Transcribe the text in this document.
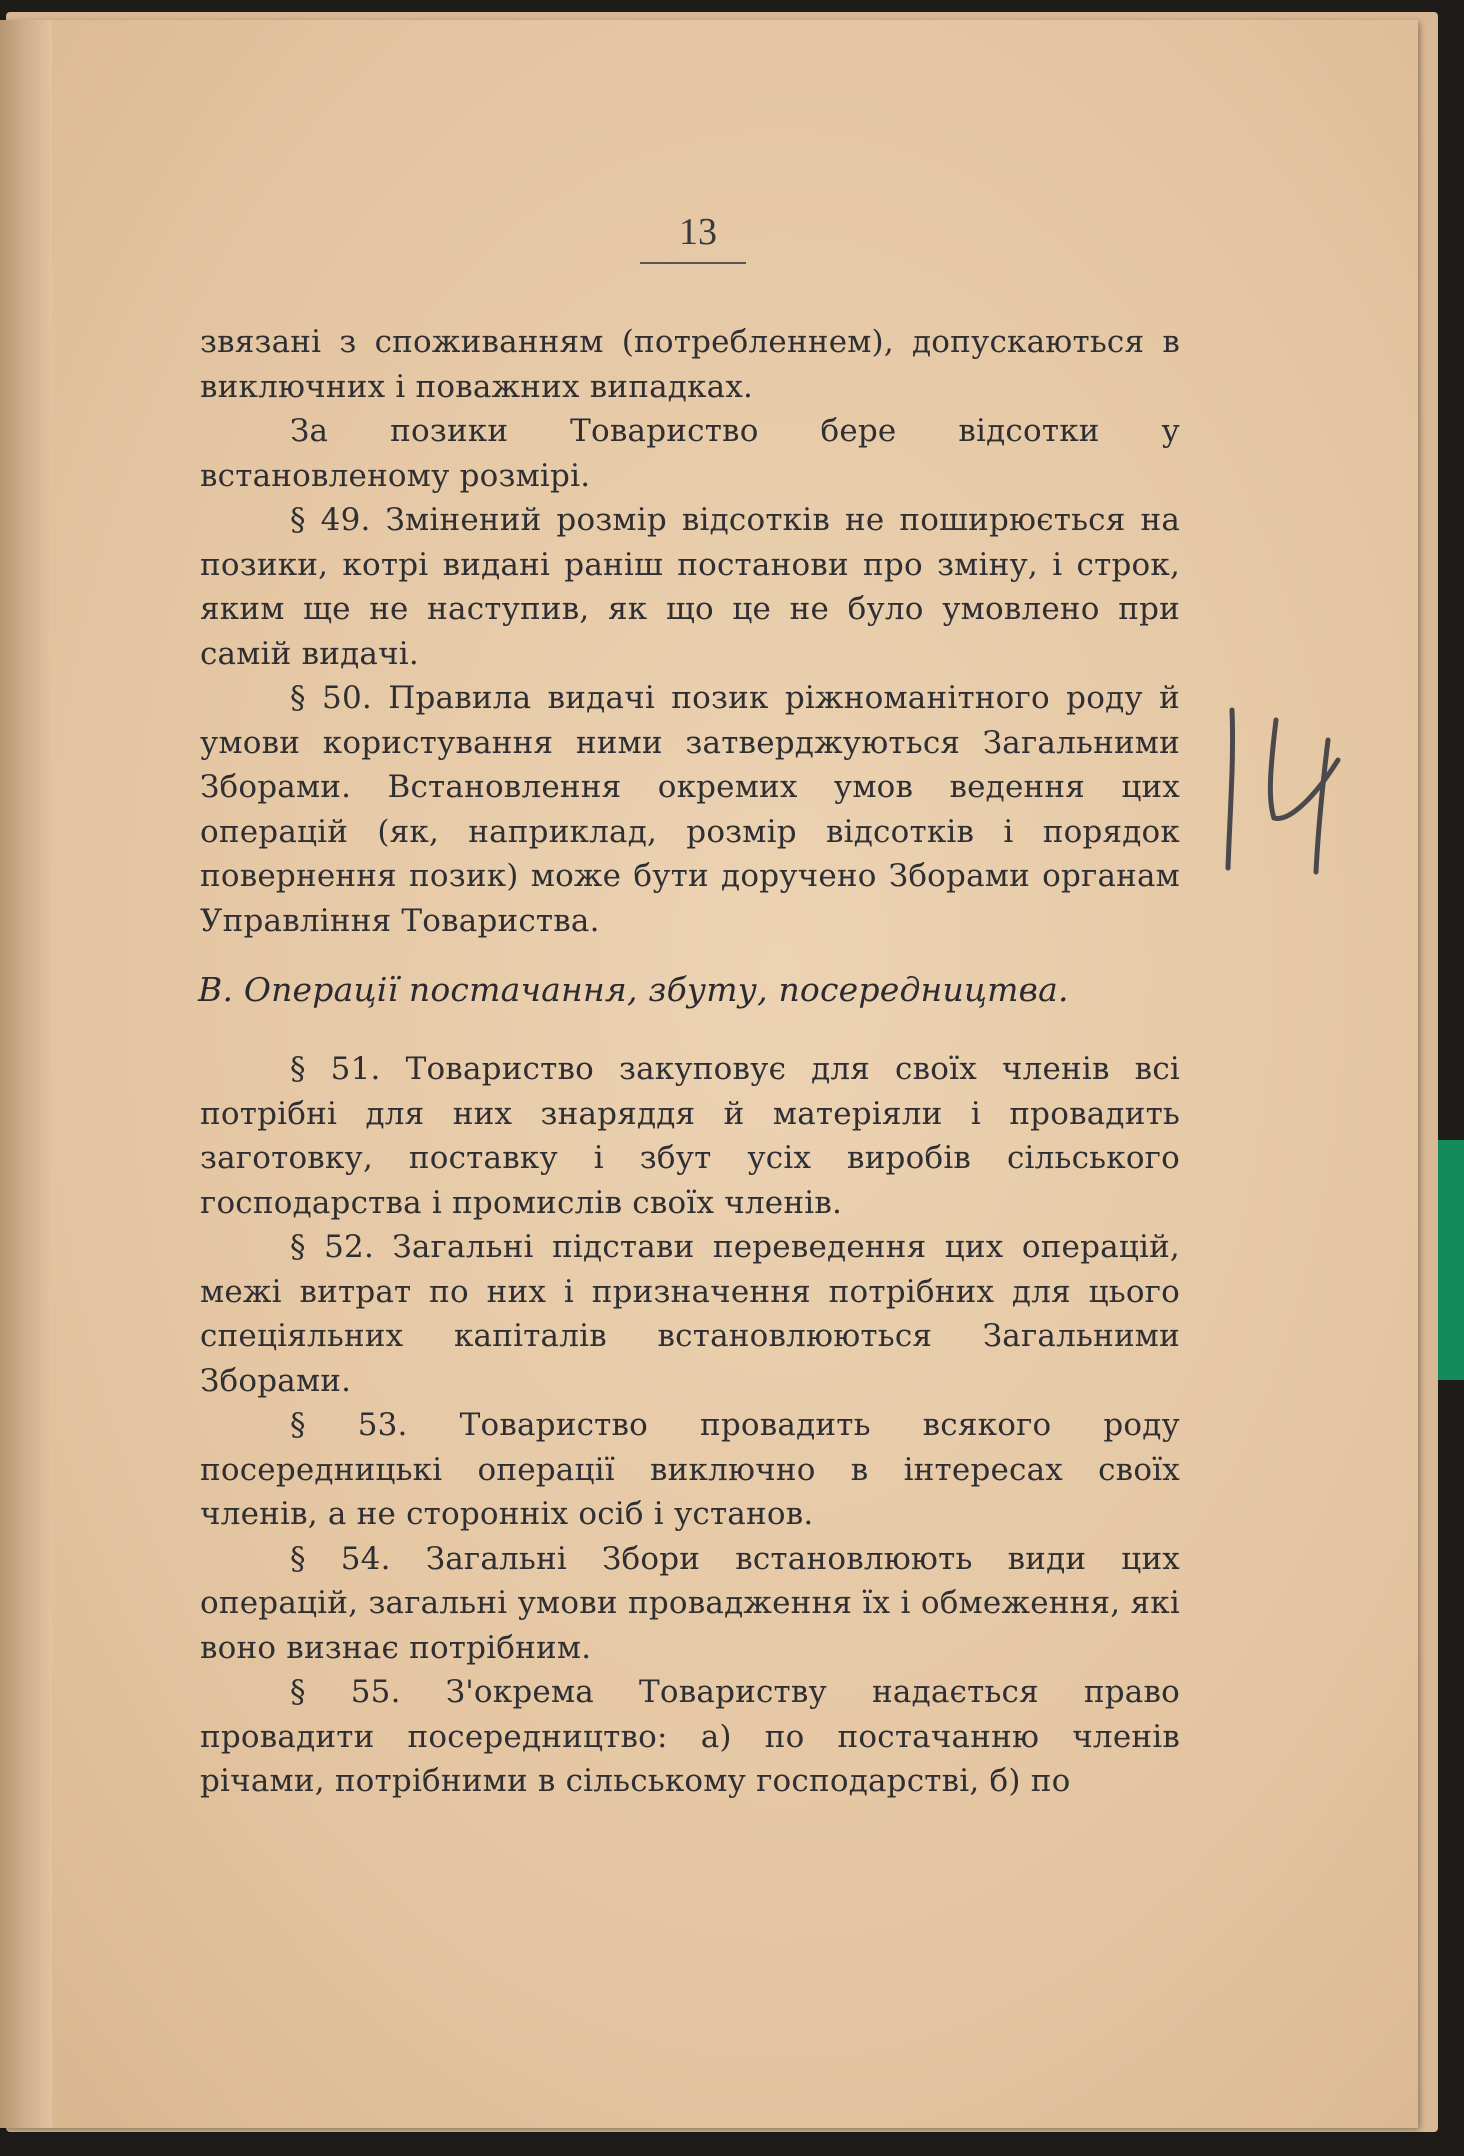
13

звязані з споживанням (потребленнем), допускаються в виключних і поважних випадках.

За позики Товариство бере відсотки у встановленому розмірі.

§ 49. Змінений розмір відсотків не поширюється на позики, котрі видані раніш постанови про зміну, і строк, яким ще не наступив, як що це не було умовлено при самій видачі.

§ 50. Правила видачі позик ріжноманітного роду й умови користування ними затверджуються Загальними Зборами. Встановлення окремих умов ведення цих операцій (як, наприклад, розмір відсотків і порядок повернення позик) може бути доручено Зборами органам Управління Товариства.

В. Операції постачання, збуту, посередництва.

§ 51. Товариство закуповує для своїх членів всі потрібні для них знаряддя й матеріяли і провадить заготовку, поставку і збут усіх виробів сільського господарства і промислів своїх членів.

§ 52. Загальні підстави переведення цих операцій, межі витрат по них і призначення потрібних для цього спеціяльних капіталів встановлюються Загальними Зборами.

§ 53. Товариство провадить всякого роду посередницькі операції виключно в інтересах своїх членів, а не сторонніх осіб і установ.

§ 54. Загальні Збори встановлюють види цих операцій, загальні умови провадження їх і обмеження, які воно визнає потрібним.

§ 55. З'окрема Товариству надається право провадити посередництво: а) по постачанню членів річами, потрібними в сільському господарстві, б) по
